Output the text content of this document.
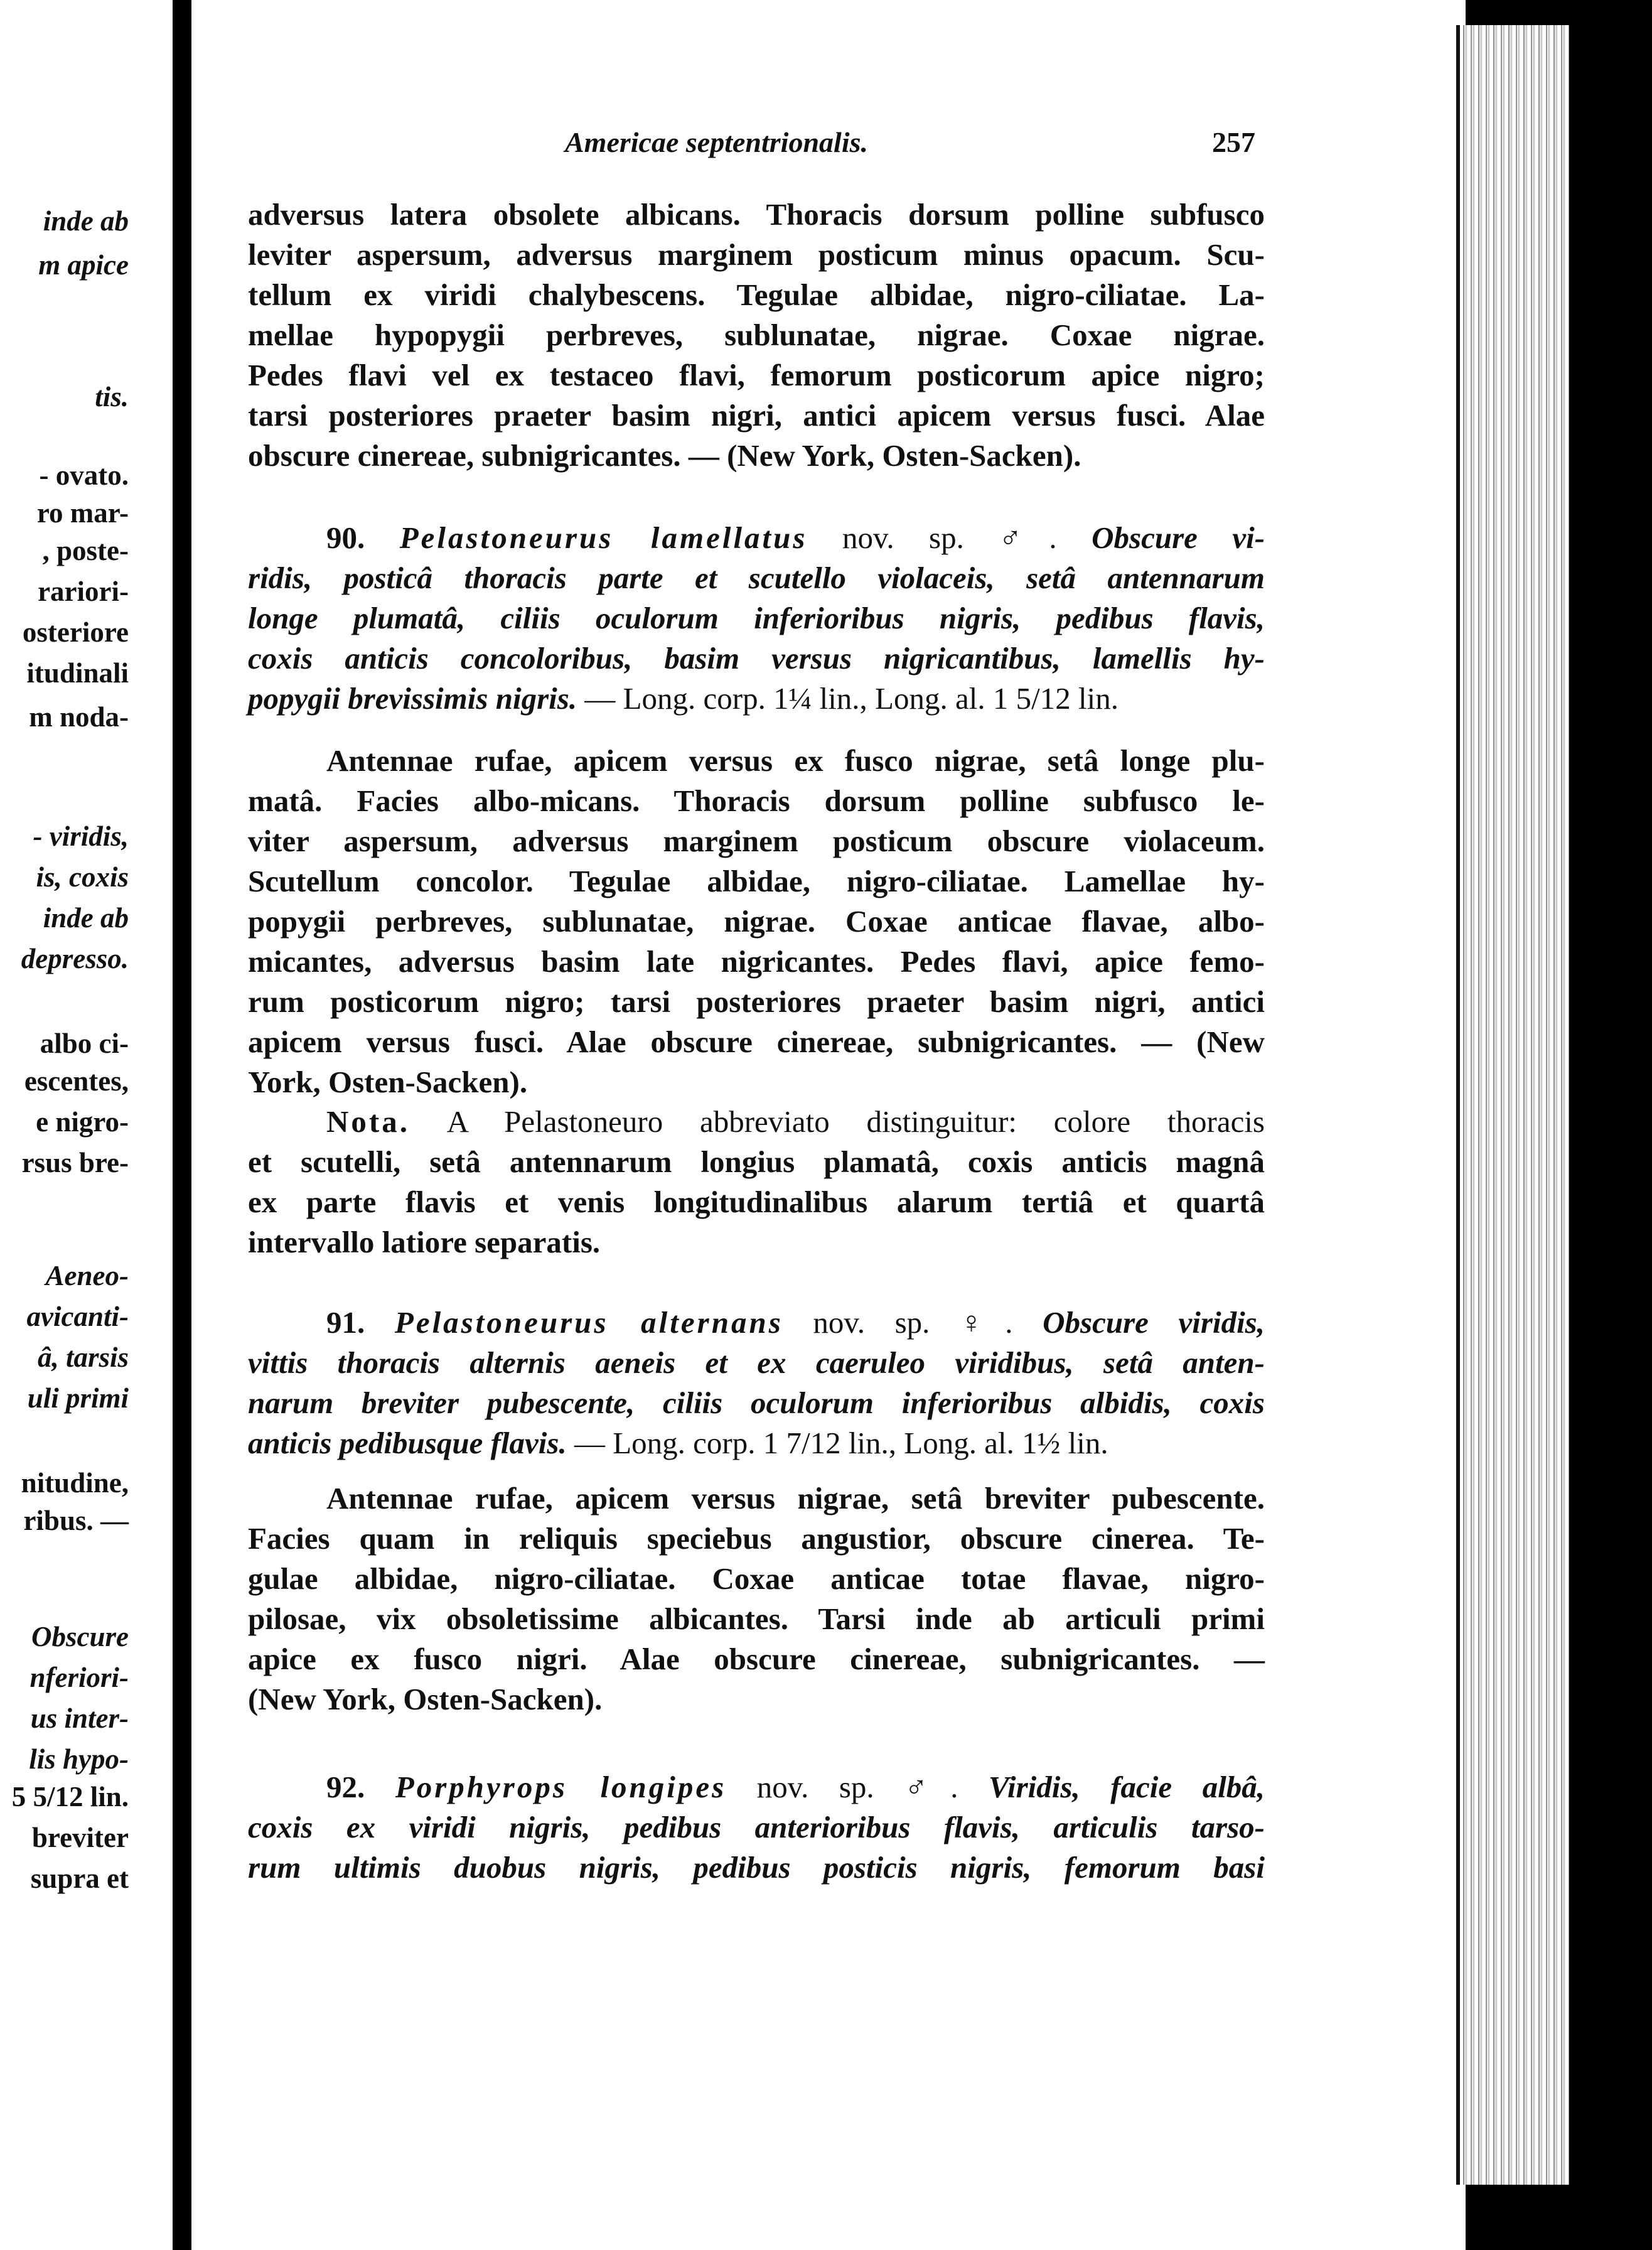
inde ab
m apice
tis.
- ovato.
ro mar-
, poste-
rariori-
osteriore
itudinali
m noda-
- viridis,
is, coxis
inde ab
depresso.
albo ci-
escentes,
e nigro-
rsus bre-
Aeneo-
avicanti-
â, tarsis
uli primi
nitudine,
ribus. —
Obscure
nferiori-
us inter-
lis hypo-
5 5/12 lin.
breviter
supra et
Americae septentrionalis.	257
adversus latera obsolete albicans. Thoracis dorsum polline subfusco
leviter aspersum, adversus marginem posticum minus opacum. Scu-
tellum ex viridi chalybescens. Tegulae albidae, nigro-ciliatae. La-
mellae hypopygii perbreves, sublunatae, nigrae. Coxae nigrae.
Pedes flavi vel ex testaceo flavi, femorum posticorum apice nigro;
tarsi posteriores praeter basim nigri, antici apicem versus fusci. Alae
obscure cinereae, subnigricantes. — (New York, Osten-Sacken).
90. Pelastoneurus lamellatus nov. sp. ♂. Obscure vi-
ridis, posticâ thoracis parte et scutello violaceis, setâ antennarum
longe plumatâ, ciliis oculorum inferioribus nigris, pedibus flavis,
coxis anticis concoloribus, basim versus nigricantibus, lamellis hy-
popygii brevissimis nigris. — Long. corp. 1¼ lin., Long. al. 1 5/12 lin.
Antennae rufae, apicem versus ex fusco nigrae, setâ longe plu-
matâ. Facies albo-micans. Thoracis dorsum polline subfusco le-
viter aspersum, adversus marginem posticum obscure violaceum.
Scutellum concolor. Tegulae albidae, nigro-ciliatae. Lamellae hy-
popygii perbreves, sublunatae, nigrae. Coxae anticae flavae, albo-
micantes, adversus basim late nigricantes. Pedes flavi, apice femo-
rum posticorum nigro; tarsi posteriores praeter basim nigri, antici
apicem versus fusci. Alae obscure cinereae, subnigricantes. — (New
York, Osten-Sacken).
Nota. A Pelastoneuro abbreviato distinguitur: colore thoracis
et scutelli, setâ antennarum longius plamatâ, coxis anticis magnâ
ex parte flavis et venis longitudinalibus alarum tertiâ et quartâ
intervallo latiore separatis.
91. Pelastoneurus alternans nov. sp. ♀. Obscure viridis,
vittis thoracis alternis aeneis et ex caeruleo viridibus, setâ anten-
narum breviter pubescente, ciliis oculorum inferioribus albidis, coxis
anticis pedibusque flavis. — Long. corp. 1 7/12 lin., Long. al. 1½ lin.
Antennae rufae, apicem versus nigrae, setâ breviter pubescente.
Facies quam in reliquis speciebus angustior, obscure cinerea. Te-
gulae albidae, nigro-ciliatae. Coxae anticae totae flavae, nigro-
pilosae, vix obsoletissime albicantes. Tarsi inde ab articuli primi
apice ex fusco nigri. Alae obscure cinereae, subnigricantes. —
(New York, Osten-Sacken).
92. Porphyrops longipes nov. sp. ♂. Viridis, facie albâ,
coxis ex viridi nigris, pedibus anterioribus flavis, articulis tarso-
rum ultimis duobus nigris, pedibus posticis nigris, femorum basi
